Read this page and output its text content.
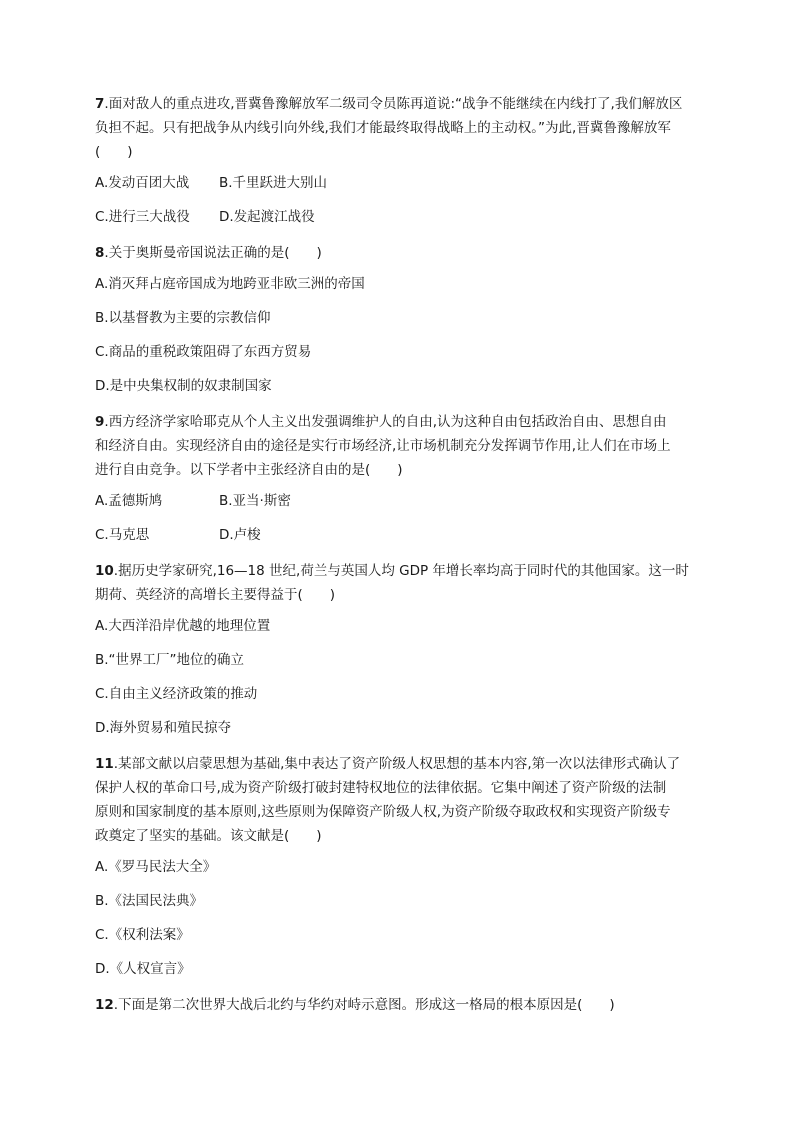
7.面对敌人的重点进攻,晋冀鲁豫解放军二级司令员陈再道说:“战争不能继续在内线打了,我们解放区
负担不起。只有把战争从内线引向外线,我们才能最终取得战略上的主动权。”为此,晋冀鲁豫解放军
(　　)
A.发动百团大战	B.千里跃进大别山
C.进行三大战役	D.发起渡江战役
8.关于奥斯曼帝国说法正确的是(　　)
A.消灭拜占庭帝国成为地跨亚非欧三洲的帝国
B.以基督教为主要的宗教信仰
C.商品的重税政策阻碍了东西方贸易
D.是中央集权制的奴隶制国家
9.西方经济学家哈耶克从个人主义出发强调维护人的自由,认为这种自由包括政治自由、思想自由
和经济自由。实现经济自由的途径是实行市场经济,让市场机制充分发挥调节作用,让人们在市场上
进行自由竞争。以下学者中主张经济自由的是(　　)
A.孟德斯鸠	B.亚当·斯密
C.马克思	D.卢梭
10.据历史学家研究,16—18 世纪,荷兰与英国人均 GDP 年增长率均高于同时代的其他国家。这一时
期荷、英经济的高增长主要得益于(　　)
A.大西洋沿岸优越的地理位置
B.“世界工厂”地位的确立
C.自由主义经济政策的推动
D.海外贸易和殖民掠夺
11.某部文献以启蒙思想为基础,集中表达了资产阶级人权思想的基本内容,第一次以法律形式确认了
保护人权的革命口号,成为资产阶级打破封建特权地位的法律依据。它集中阐述了资产阶级的法制
原则和国家制度的基本原则,这些原则为保障资产阶级人权,为资产阶级夺取政权和实现资产阶级专
政奠定了坚实的基础。该文献是(　　)
A.《罗马民法大全》
B.《法国民法典》
C.《权利法案》
D.《人权宣言》
12.下面是第二次世界大战后北约与华约对峙示意图。形成这一格局的根本原因是(　　)
